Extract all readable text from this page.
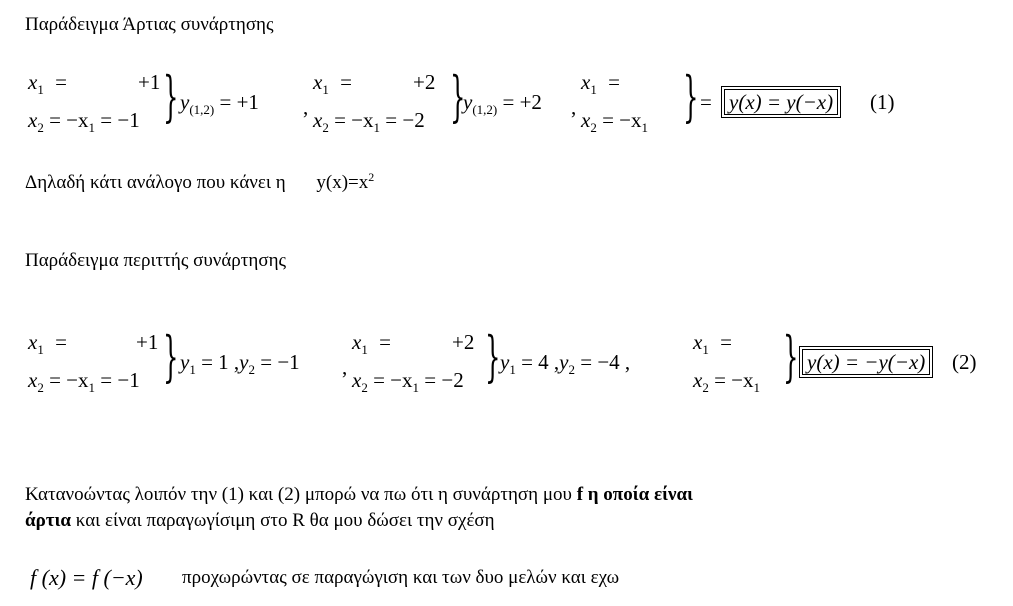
Παράδειγμα Άρτιας συνάρτησης
$x_1$ =	+1
$x_2 = -x_1 = -1$ } $y_{(1,2)} = +1$ ,
$x_1$ =	+2
$x_2 = -x_1 = -2$ }
$y_{(1,2)} = +2$ ,
$x_1$ =
$x_2 = -x_1$ } = y(x) = y(−x) (1)
Δηλαδή κάτι ανάλογο που κάνει η $y(x)=x^2$
Παράδειγμα περιττής συνάρτησης
$x_1$ =	+1
$x_2 = -x_1 = -1$ } $y_1 = 1$ $,y_2 = -1$ ,
$x_1$ =	+2
$x_2 = -x_1 = -2$ } $y_1 = 4$ $,y_2 = -4$ ,
$x_1$ =
$x_2 = -x_1$ } y(x) = −y(−x) (2)
Κατανοώντας λοιπόν την (1) και (2) μπορώ να πω ότι η συνάρτηση μου f η οποία είναι
άρτια και είναι παραγωγίσιμη στο R θα μου δώσει την σχέση
f (x) = f (−x) προχωρώντας σε παραγώγιση και των δυο μελών και εχω
